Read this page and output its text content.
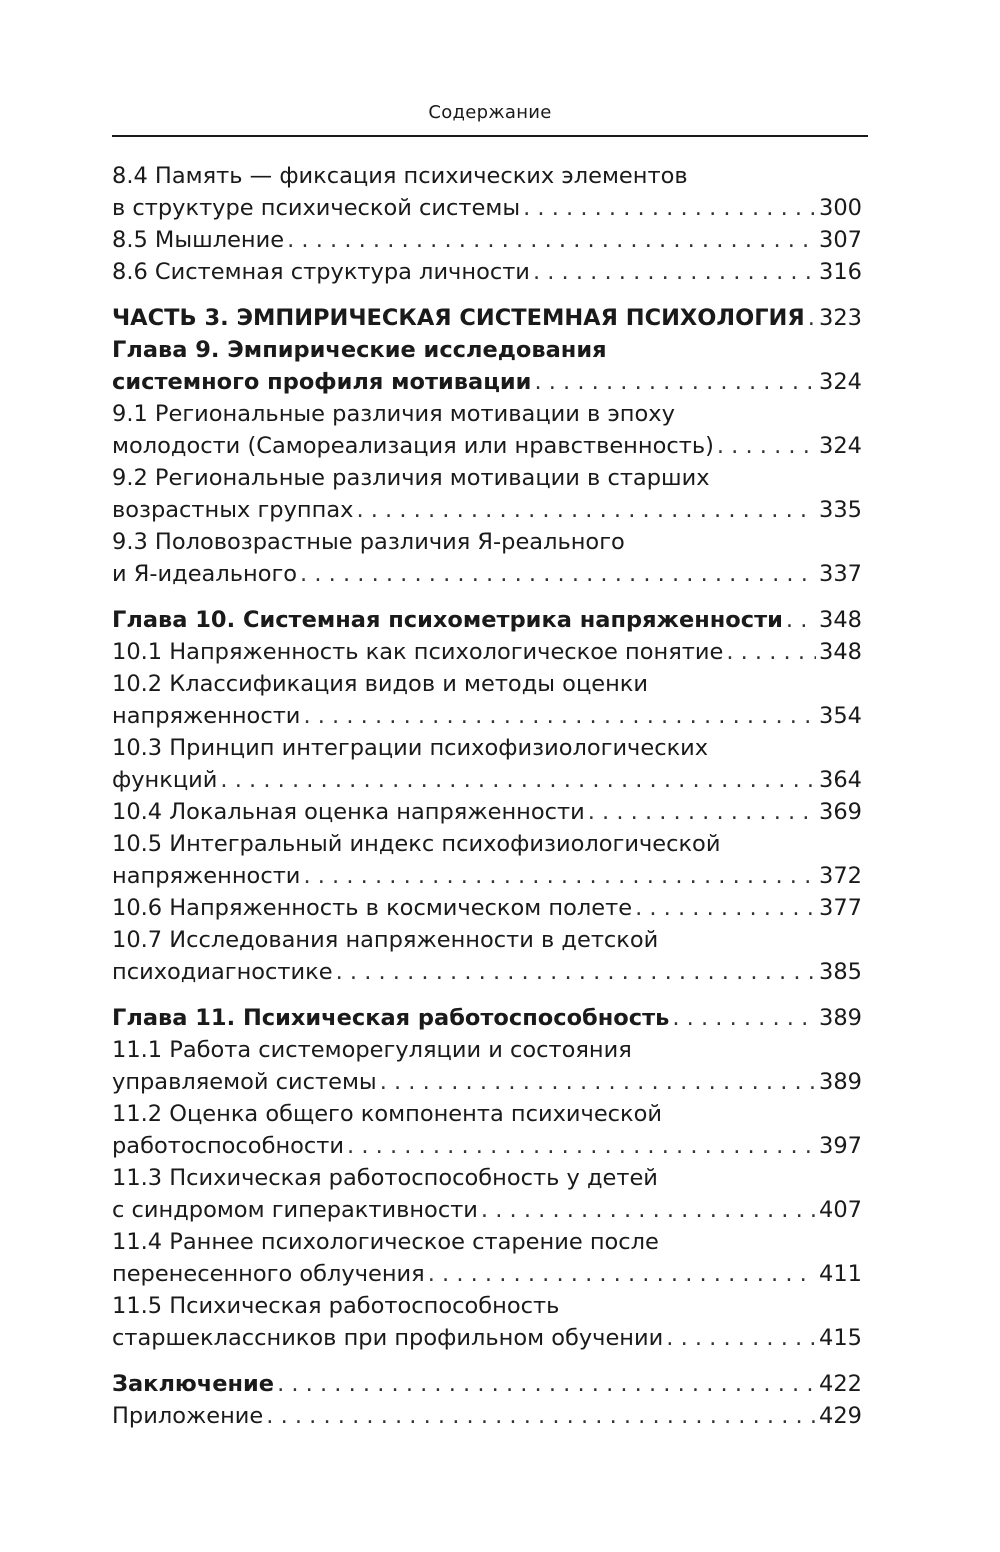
Содержание
8.4 Память — фиксация психических элементов
в структуре психической системы . . .	300
8.5 Мышление . . .	307
8.6 Системная структура личности . . .	316
ЧАСТЬ 3. ЭМПИРИЧЕСКАЯ СИСТЕМНАЯ ПСИХОЛОГИЯ . . . 323
Глава 9. Эмпирические исследования
системного профиля мотивации . . .	324
9.1 Региональные различия мотивации в эпоху
молодости (Самореализация или нравственность) . . .	324
9.2 Региональные различия мотивации в старших
возрастных группах . . .	335
9.3 Половозрастные различия Я-реального
и Я-идеального . . .	337
Глава 10. Системная психометрика напряженности . . . 348
10.1 Напряженность как психологическое понятие . . .	348
10.2 Классификация видов и методы оценки
напряженности . . .	354
10.3 Принцип интеграции психофизиологических
функций . . .	364
10.4 Локальная оценка напряженности . . .	369
10.5 Интегральный индекс психофизиологической
напряженности . . .	372
10.6 Напряженность в космическом полете . . .	377
10.7 Исследования напряженности в детской
психодиагностике . . .	385
Глава 11. Психическая работоспособность . . .	389
11.1 Работа системорегуляции и состояния
управляемой системы . . .	389
11.2 Оценка общего компонента психической
работоспособности . . .	397
11.3 Психическая работоспособность у детей
с синдромом гиперактивности . . .	407
11.4 Раннее психологическое старение после
перенесенного облучения . . .	411
11.5 Психическая работоспособность
старшеклассников при профильном обучении . . .	415
Заключение . . .	422
Приложение . . .	429
